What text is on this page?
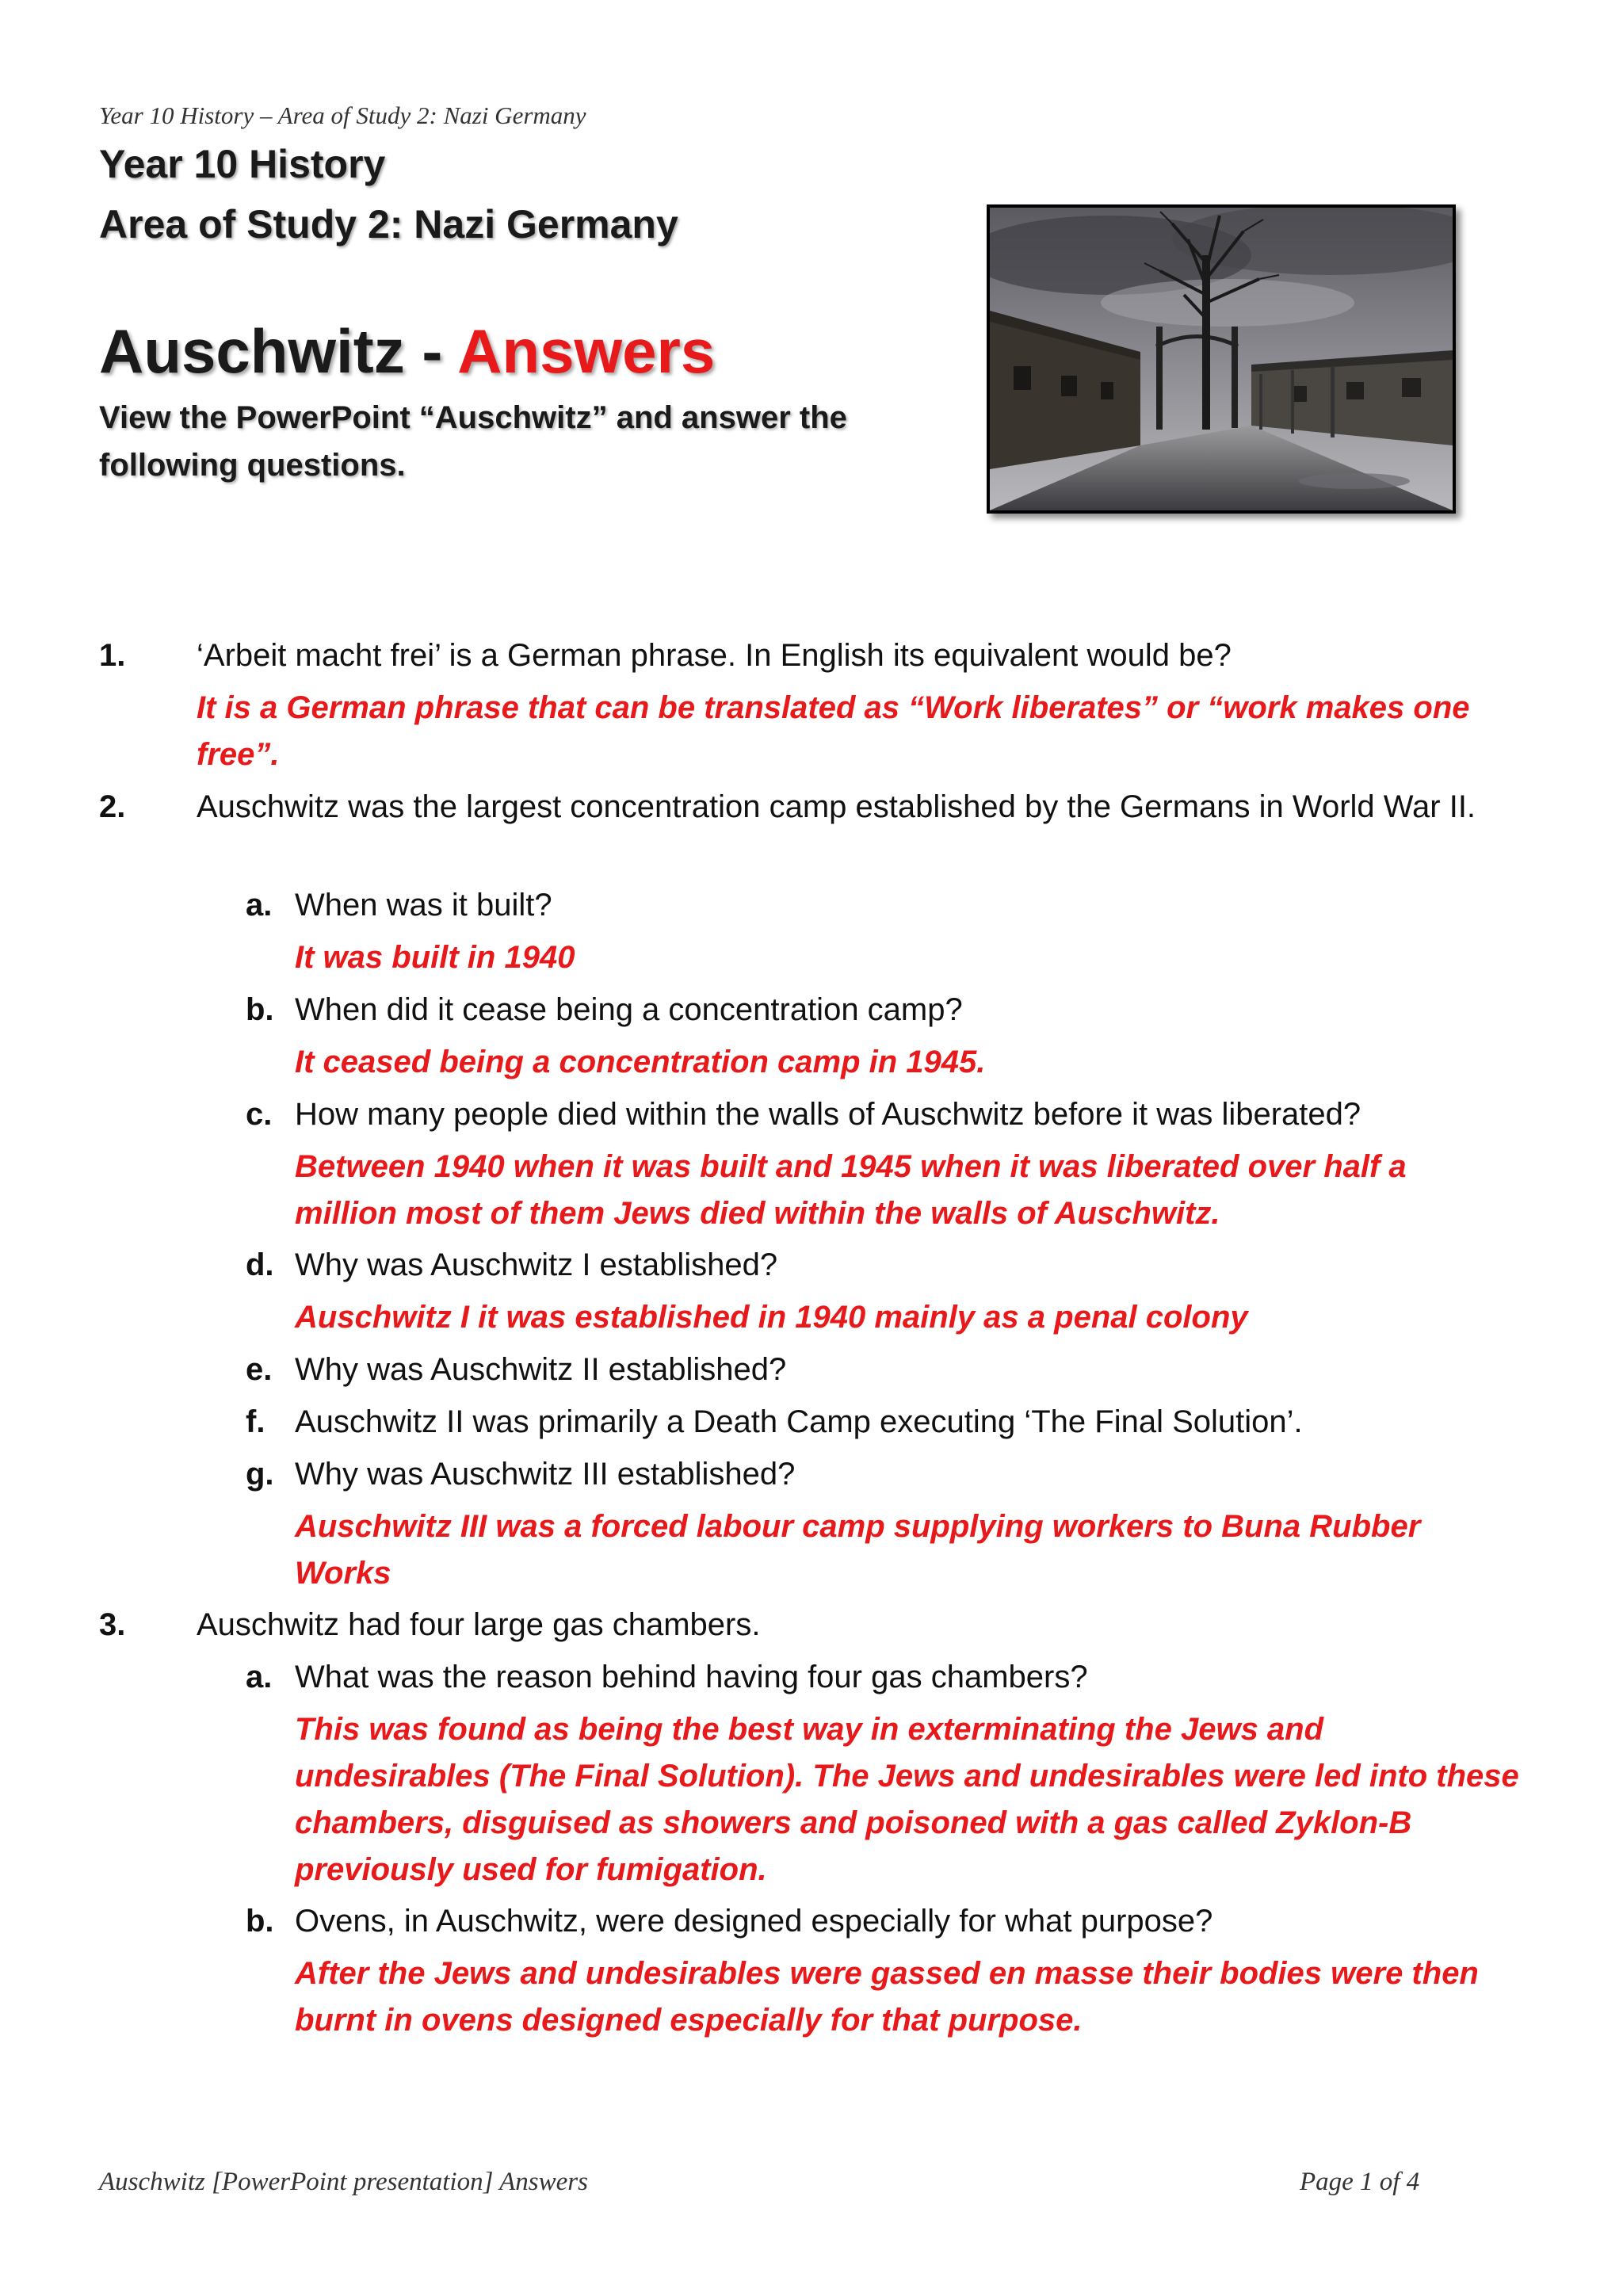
Year 10 History – Area of Study 2: Nazi Germany
Year 10 History
Area of Study 2: Nazi Germany
Auschwitz - Answers
View the PowerPoint “Auschwitz” and answer the following questions.
1. ‘Arbeit macht frei’ is a German phrase. In English its equivalent would be?
It is a German phrase that can be translated as “Work liberates” or “work makes one free”.
2. Auschwitz was the largest concentration camp established by the Germans in World War II.
a. When was it built?
It was built in 1940
b. When did it cease being a concentration camp?
It ceased being a concentration camp in 1945.
c. How many people died within the walls of Auschwitz before it was liberated?
Between 1940 when it was built and 1945 when it was liberated over half a million most of them Jews died within the walls of Auschwitz.
d. Why was Auschwitz I established?
Auschwitz I it was established in 1940 mainly as a penal colony
e. Why was Auschwitz II established?
f. Auschwitz II was primarily a Death Camp executing ‘The Final Solution’.
g. Why was Auschwitz III established?
Auschwitz III was a forced labour camp supplying workers to Buna Rubber Works
3. Auschwitz had four large gas chambers.
a. What was the reason behind having four gas chambers?
This was found as being the best way in exterminating the Jews and undesirables (The Final Solution). The Jews and undesirables were led into these chambers, disguised as showers and poisoned with a gas called Zyklon-B previously used for fumigation.
b. Ovens, in Auschwitz, were designed especially for what purpose?
After the Jews and undesirables were gassed en masse their bodies were then burnt in ovens designed especially for that purpose.
Auschwitz [PowerPoint presentation] Answers	Page 1 of 4
